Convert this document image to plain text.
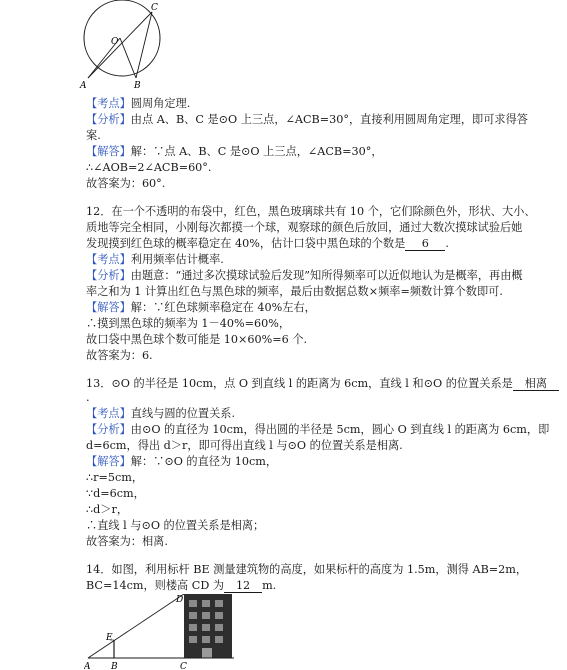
O
C
A	B
【考点】圆周角定理.
【分析】由点 A、B、C 是⊙O 上三点，∠ACB=30°，直接利用圆周角定理，即可求得答
案.
【解答】解：∵点 A、B、C 是⊙O 上三点，∠ACB=30°，
∴∠AOB=2∠ACB=60°.
故答案为：60°.
12．在一个不透明的布袋中，红色，黑色玻璃球共有 10 个，它们除颜色外，形状、大小、
质地等完全相同，小刚每次都摸一个球，观察球的颜色后放回，通过大数次摸球试验后她
发现摸到红色球的概率稳定在 40%，估计口袋中黑色球的个数是 6 .
【考点】利用频率估计概率.
【分析】由题意：“通过多次摸球试验后发现”知所得频率可以近似地认为是概率，再由概
率之和为 1 计算出红色与黑色球的频率，最后由数据总数×频率=频数计算个数即可.
【解答】解：∵红色球频率稳定在 40%左右，
∴摸到黑色球的频率为 1－40%=60%，
故口袋中黑色球个数可能是 10×60%=6 个.
故答案为：6.
13．⊙O 的半径是 10cm，点 O 到直线 l 的距离为 6cm，直线 l 和⊙O 的位置关系是 相离
.
【考点】直线与圆的位置关系.
【分析】由⊙O 的直径为 10cm，得出圆的半径是 5cm，圆心 O 到直线 l 的距离为 6cm，即
d=6cm，得出 d＞r，即可得出直线 l 与⊙O 的位置关系是相离.
【解答】解：∵⊙O 的直径为 10cm，
∴r=5cm，
∵d=6cm，
∴d＞r，
∴直线 l 与⊙O 的位置关系是相离；
故答案为：相离.
14．如图，利用标杆 BE 测量建筑物的高度，如果标杆的高度为 1.5m，测得 AB=2m，
BC=14cm，则楼高 CD 为 12 m.
D
E
A B	C
